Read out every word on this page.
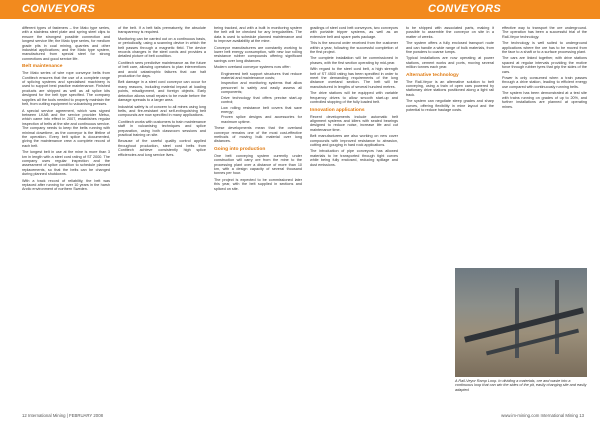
CONVEYORS	CONVEYORS

different types of fasteners – the Mato type series, with a stainless steel plate and spring steel clips to ensure the strongest possible connection and longest service life; the Mato type series, for medium grade pits in coal mining, quarries and other industrial applications; and the Mato type system, manufactured from special steel for strong connections and good service life.

Belt maintenance

The Mato series of wire rope conveyor belts from Contitech ensures that the use of a complete range of splicing systems and specialised machinery is used to support best practice maintenance. Finished products are shipped as well as all splice kits designed for the belt type specified. The company supplies all the tools needed to properly maintain the belt, from cutting equipment to vulcanising presses.

A special service agreement, which was signed between LKAB and the service provider Metso, which came into effect in 2007, establishes regular inspection of belts at the site and continuous service. The company needs to keep the belts running with minimal downtime, as the conveyor is the lifeline of the operation. Every belt splice is documented, giving the maintenance crew a complete record of each belt.

The longest belt in use at the mine is more than 3 km in length with a steel cord rating of ST 2000. The company uses regular inspection and the assessment of splice condition to schedule planned replacements, so that the belts can be changed during planned shutdowns.

With a track record of reliability, the belt was replaced after running for over 10 years in the harsh Arctic environment of northern Sweden.

of the belt. If a belt fails prematurely, the absolute transparency is required.

Monitoring can be carried out on a continuous basis, or periodically, using a scanning device in which the belt passes through a magnetic field. The device records changes in the steel cords and provides a detailed picture of belt condition.

Contitech sees predictive maintenance as the future of belt care, allowing operators to plan interventions and avoid catastrophic failures that can halt production for days.

Belt damage in a steel cord conveyor can occur for many reasons, including material impact at loading points, misalignment, and foreign objects. Early detection allows small repairs to be made before the damage spreads to a larger area.

Industrial safety is of concern to all mines using long belts, and fire-resistant and self-extinguishing belt compounds are now specified in many applications.

Contitech works with customers to train maintenance staff in vulcanising techniques and splice preparation, using both classroom sessions and practical training on site.

Because of the careful quality control applied throughout production, steel cord belts from Contitech achieve consistently high splice efficiencies and long service lives.

being tracked, and with a built in monitoring system the belt will be checked for any irregularities. The data is used to schedule planned maintenance and to improve availability at the mine.

Conveyor manufacturers are constantly working to lower belt energy consumption, with new low rolling resistance rubber compounds offering significant savings over long distances.

Modern overland conveyor systems now offer:

• Engineered belt support structures that reduce material and maintenance costs;
• Inspection and monitoring systems that allow personnel to safely and easily assess all components;
• Drive technology that offers precise start-up control;
• Low rolling resistance belt covers that save energy;
• Proven splice designs and accessories for maximum uptime.

These developments mean that the overland conveyor remains one of the most cost-effective methods of moving bulk material over long distances.

Going into production

One belt conveying system currently under construction will carry ore from the mine to the processing plant over a distance of more than 10 km, with a design capacity of several thousand tonnes per hour.

The project is expected to be commissioned later this year, with the belt supplied in sections and spliced on site.

gradings of steel cord belt conveyors, two conveyors with portable tripper systems, as well as an extensive belt and spare parts package.

This is the second order received from the customer within a year, following the successful completion of the first project.

The complete installation will be commissioned in phases, with the first section operating by mid-year.

With regard to the steel cord belt, a high strength belt of ST 4500 rating has been specified in order to meet the demanding requirements of the long distance overland section. The belt will be manufactured in lengths of several hundred metres.

The drive stations will be equipped with variable frequency drives to allow smooth start-up and controlled stopping of the fully loaded belt.

Innovation applications

Recent developments include automatic belt alignment systems and idlers with sealed bearings designed to reduce noise, increase life and cut maintenance time.

Belt manufacturers are also working on new cover compounds with improved resistance to abrasion, cutting and gouging in hard rock applications.

The introduction of pipe conveyors has allowed materials to be transported through tight curves while being fully enclosed, reducing spillage and dust emissions.

to be shipped with associated parts, making it possible to assemble the conveyor on site in a matter of weeks.

The system offers a fully enclosed transport route and can handle a wide range of bulk materials, from fine powders to coarse lumps.

Typical installations are now operating at power stations, cement works and ports, moving several million tonnes each year.

Alternative technology

The Rail-Veyor is an alternative solution to belt conveying, using a train of open cars powered by stationary drive stations positioned along a light rail track.

The system can negotiate steep grades and sharp curves, offering flexibility in mine layout and the potential to reduce haulage costs.

effective way to transport the ore underground. The operation has been a successful trial of the Rail-Veyor technology.

The technology is well suited to underground applications where the ore has to be moved from the face to a shaft or to a surface processing plant.

The cars are linked together, with drive stations spaced at regular intervals providing the motive force through rubber tyres that grip the sides of the cars.

Power is only consumed when a train passes through a drive station, leading to efficient energy use compared with continuously running belts.

The system has been demonstrated at a test site with trains running on grades of up to 20%, and further installations are planned at operating mines.

A Rail-Veyor Ramp Loop. In dividing a materials, ore and waste into a continuous loop that can win the sides of the pit, easily changing site and easily adapted.
12 International Mining | FEBRUARY 2008	www.im-mining.com International Mining 13
